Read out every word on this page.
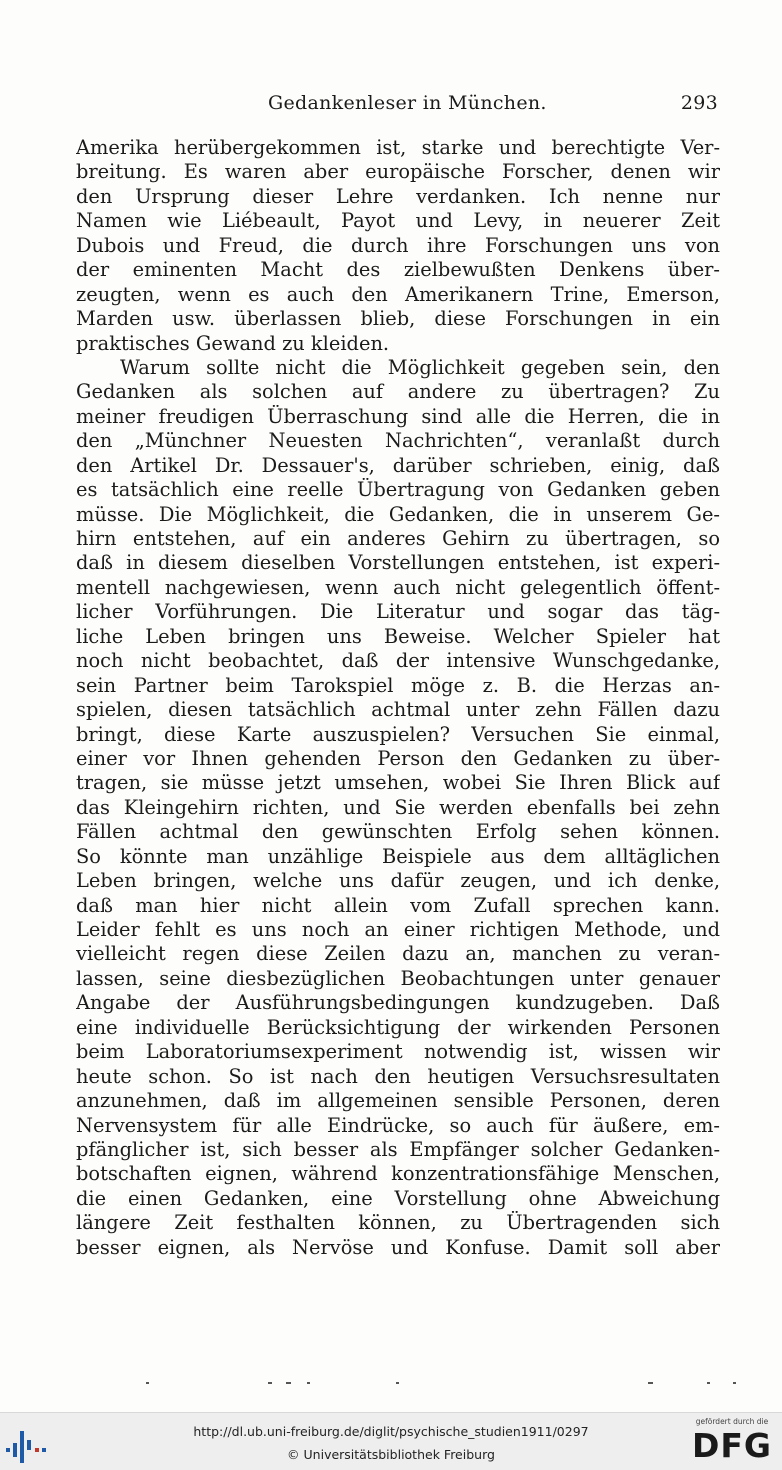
Gedankenleser in München.	293
Amerika herübergekommen ist, starke und berechtigte Ver-
breitung. Es waren aber europäische Forscher, denen wir
den Ursprung dieser Lehre verdanken. Ich nenne nur
Namen wie Liébeault, Payot und Levy, in neuerer Zeit
Dubois und Freud, die durch ihre Forschungen uns von
der eminenten Macht des zielbewußten Denkens über-
zeugten, wenn es auch den Amerikanern Trine, Emerson,
Marden usw. überlassen blieb, diese Forschungen in ein
praktisches Gewand zu kleiden.
Warum sollte nicht die Möglichkeit gegeben sein, den
Gedanken als solchen auf andere zu übertragen? Zu
meiner freudigen Überraschung sind alle die Herren, die in
den „Münchner Neuesten Nachrichten“, veranlaßt durch
den Artikel Dr. Dessauer's, darüber schrieben, einig, daß
es tatsächlich eine reelle Übertragung von Gedanken geben
müsse. Die Möglichkeit, die Gedanken, die in unserem Ge-
hirn entstehen, auf ein anderes Gehirn zu übertragen, so
daß in diesem dieselben Vorstellungen entstehen, ist experi-
mentell nachgewiesen, wenn auch nicht gelegentlich öffent-
licher Vorführungen. Die Literatur und sogar das täg-
liche Leben bringen uns Beweise. Welcher Spieler hat
noch nicht beobachtet, daß der intensive Wunschgedanke,
sein Partner beim Tarokspiel möge z. B. die Herzas an-
spielen, diesen tatsächlich achtmal unter zehn Fällen dazu
bringt, diese Karte auszuspielen? Versuchen Sie einmal,
einer vor Ihnen gehenden Person den Gedanken zu über-
tragen, sie müsse jetzt umsehen, wobei Sie Ihren Blick auf
das Kleingehirn richten, und Sie werden ebenfalls bei zehn
Fällen achtmal den gewünschten Erfolg sehen können.
So könnte man unzählige Beispiele aus dem alltäglichen
Leben bringen, welche uns dafür zeugen, und ich denke,
daß man hier nicht allein vom Zufall sprechen kann.
Leider fehlt es uns noch an einer richtigen Methode, und
vielleicht regen diese Zeilen dazu an, manchen zu veran-
lassen, seine diesbezüglichen Beobachtungen unter genauer
Angabe der Ausführungsbedingungen kundzugeben. Daß
eine individuelle Berücksichtigung der wirkenden Personen
beim Laboratoriumsexperiment notwendig ist, wissen wir
heute schon. So ist nach den heutigen Versuchsresultaten
anzunehmen, daß im allgemeinen sensible Personen, deren
Nervensystem für alle Eindrücke, so auch für äußere, em-
pfänglicher ist, sich besser als Empfänger solcher Gedanken-
botschaften eignen, während konzentrationsfähige Menschen,
die einen Gedanken, eine Vorstellung ohne Abweichung
längere Zeit festhalten können, zu Übertragenden sich
besser eignen, als Nervöse und Konfuse. Damit soll aber
http://dl.ub.uni-freiburg.de/diglit/psychische_studien1911/0297
© Universitätsbibliothek Freiburg
gefördert durch die
DFG
